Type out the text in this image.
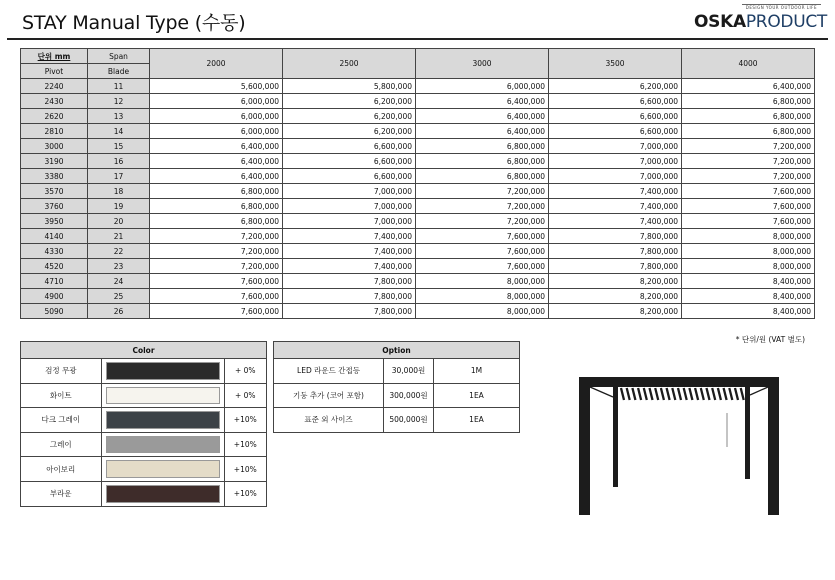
STAY Manual Type (수동)
DESIGN YOUR OUTDOOR LIFE
OSKAPRODUCT
단위 mm	Span	2000	2500	3000	3500	4000
Pivot	Blade					
2240	11	5,600,000	5,800,000	6,000,000	6,200,000	6,400,000
2430	12	6,000,000	6,200,000	6,400,000	6,600,000	6,800,000
2620	13	6,000,000	6,200,000	6,400,000	6,600,000	6,800,000
2810	14	6,000,000	6,200,000	6,400,000	6,600,000	6,800,000
3000	15	6,400,000	6,600,000	6,800,000	7,000,000	7,200,000
3190	16	6,400,000	6,600,000	6,800,000	7,000,000	7,200,000
3380	17	6,400,000	6,600,000	6,800,000	7,000,000	7,200,000
3570	18	6,800,000	7,000,000	7,200,000	7,400,000	7,600,000
3760	19	6,800,000	7,000,000	7,200,000	7,400,000	7,600,000
3950	20	6,800,000	7,000,000	7,200,000	7,400,000	7,600,000
4140	21	7,200,000	7,400,000	7,600,000	7,800,000	8,000,000
4330	22	7,200,000	7,400,000	7,600,000	7,800,000	8,000,000
4520	23	7,200,000	7,400,000	7,600,000	7,800,000	8,000,000
4710	24	7,600,000	7,800,000	8,000,000	8,200,000	8,400,000
4900	25	7,600,000	7,800,000	8,000,000	8,200,000	8,400,000
5090	26	7,600,000	7,800,000	8,000,000	8,200,000	8,400,000
* 단위/원 (VAT 별도)
Color		
검정 무광		+ 0%
화이트		+ 0%
다크 그레이		+10%
그레이		+10%
아이보리		+10%
부라운		+10%
Option		
LED 라운드 간접등	30,000원	1M
기둥 추가 (코어 포함)	300,000원	1EA
표준 외 사이즈	500,000원	1EA
